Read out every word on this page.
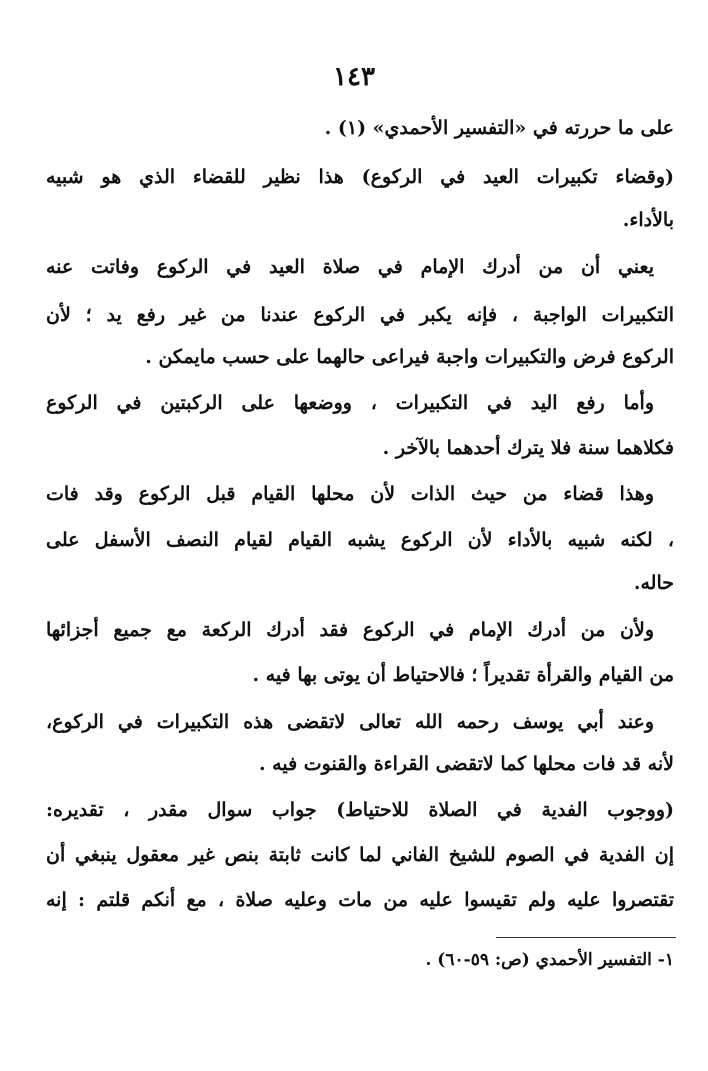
١٤٣
على ما حررته في «التفسير الأحمدي» (١) .
(وقضاء تكبيرات العيد في الركوع) هذا نظير للقضاء الذي هو شبيه
بالأداء.
يعني أن من أدرك الإمام في صلاة العيد في الركوع وفاتت عنه
التكبيرات الواجبة ، فإنه يكبر في الركوع عندنا من غير رفع يد ؛ لأن
الركوع فرض والتكبيرات واجبة فيراعى حالهما على حسب مايمكن .
وأما رفع اليد في التكبيرات ، ووضعها على الركبتين في الركوع
فكلاهما سنة فلا يترك أحدهما بالآخر .
وهذا قضاء من حيث الذات لأن محلها القيام قبل الركوع وقد فات
، لكنه شبيه بالأداء لأن الركوع يشبه القيام لقيام النصف الأسفل على
حاله.
ولأن من أدرك الإمام في الركوع فقد أدرك الركعة مع جميع أجزائها
من القيام والقرأة تقديراً ؛ فالاحتياط أن يوتى بها فيه .
وعند أبي يوسف رحمه الله تعالى لاتقضى هذه التكبيرات في الركوع،
لأنه قد فات محلها كما لاتقضى القراءة والقنوت فيه .
(ووجوب الفدية في الصلاة للاحتياط) جواب سوال مقدر ، تقديره:
إن الفدية في الصوم للشيخ الفاني لما كانت ثابتة بنص غير معقول ينبغي أن
تقتصروا عليه ولم تقيسوا عليه من مات وعليه صلاة ، مع أنكم قلتم : إنه
١- التفسير الأحمدي (ص: ٥٩-٦٠) .
